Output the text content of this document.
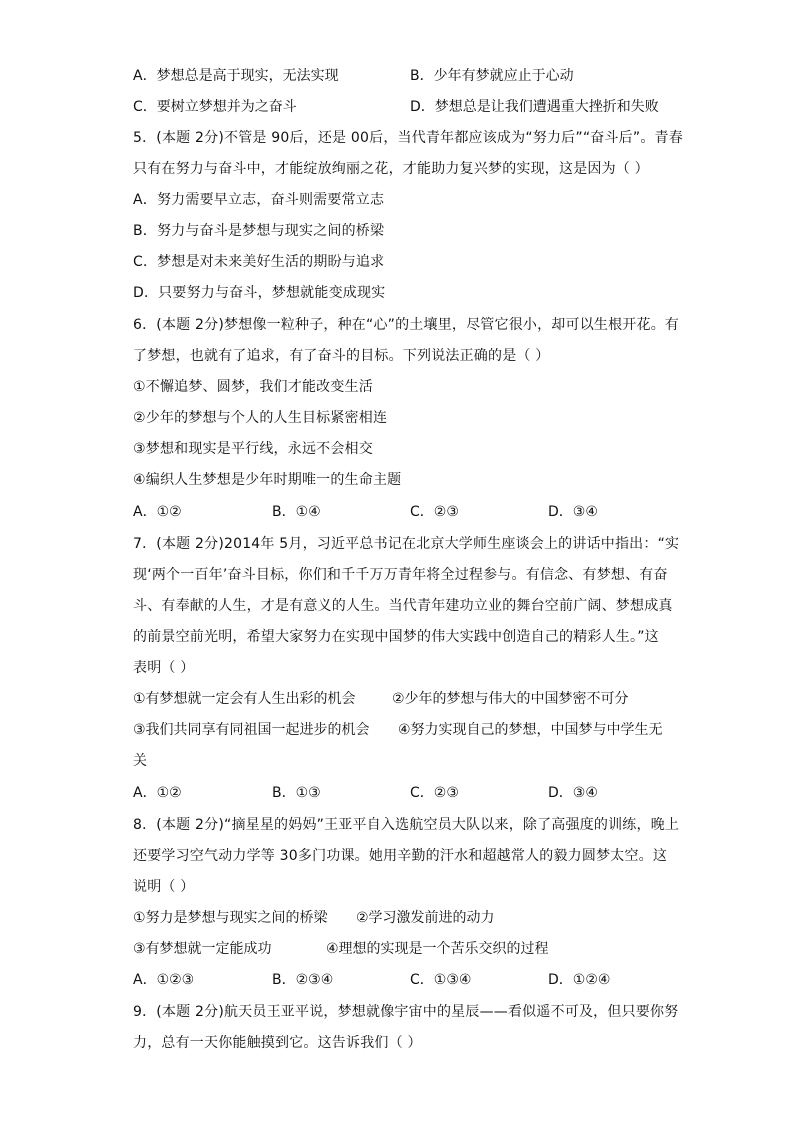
A．梦想总是高于现实，无法实现	B．少年有梦就应止于心动
C．要树立梦想并为之奋斗	D．梦想总是让我们遭遇重大挫折和失败
5．(本题 2分)不管是 90后，还是 00后，当代青年都应该成为“努力后”“奋斗后”。青春
只有在努力与奋斗中，才能绽放绚丽之花，才能助力复兴梦的实现，这是因为（ ）
A．努力需要早立志，奋斗则需要常立志
B．努力与奋斗是梦想与现实之间的桥梁
C．梦想是对未来美好生活的期盼与追求
D．只要努力与奋斗，梦想就能变成现实
6．(本题 2分)梦想像一粒种子，种在“心”的土壤里，尽管它很小，却可以生根开花。有
了梦想，也就有了追求，有了奋斗的目标。下列说法正确的是（ ）
①不懈追梦、圆梦，我们才能改变生活
②少年的梦想与个人的人生目标紧密相连
③梦想和现实是平行线，永远不会相交
④编织人生梦想是少年时期唯一的生命主题
A．①②	B．①④	C．②③	D．③④
7．(本题 2分)2014年 5月，习近平总书记在北京大学师生座谈会上的讲话中指出：“实
现‘两个一百年’奋斗目标，你们和千千万万青年将全过程参与。有信念、有梦想、有奋
斗、有奉献的人生，才是有意义的人生。当代青年建功立业的舞台空前广阔、梦想成真
的前景空前光明，希望大家努力在实现中国梦的伟大实践中创造自己的精彩人生。”这
表明（ ）
①有梦想就一定会有人生出彩的机会	②少年的梦想与伟大的中国梦密不可分
③我们共同享有同祖国一起进步的机会 ④努力实现自己的梦想，中国梦与中学生无
关
A．①②	B．①③	C．②③	D．③④
8．(本题 2分)“摘星星的妈妈”王亚平自入选航空员大队以来，除了高强度的训练，晚上
还要学习空气动力学等 30多门功课。她用辛勤的汗水和超越常人的毅力圆梦太空。这
说明（ ）
①努力是梦想与现实之间的桥梁 ②学习激发前进的动力
③有梦想就一定能成功	④理想的实现是一个苦乐交织的过程
A．①②③	B．②③④	C．①③④	D．①②④
9．(本题 2分)航天员王亚平说，梦想就像宇宙中的星辰——看似遥不可及，但只要你努
力，总有一天你能触摸到它。这告诉我们（ ）
